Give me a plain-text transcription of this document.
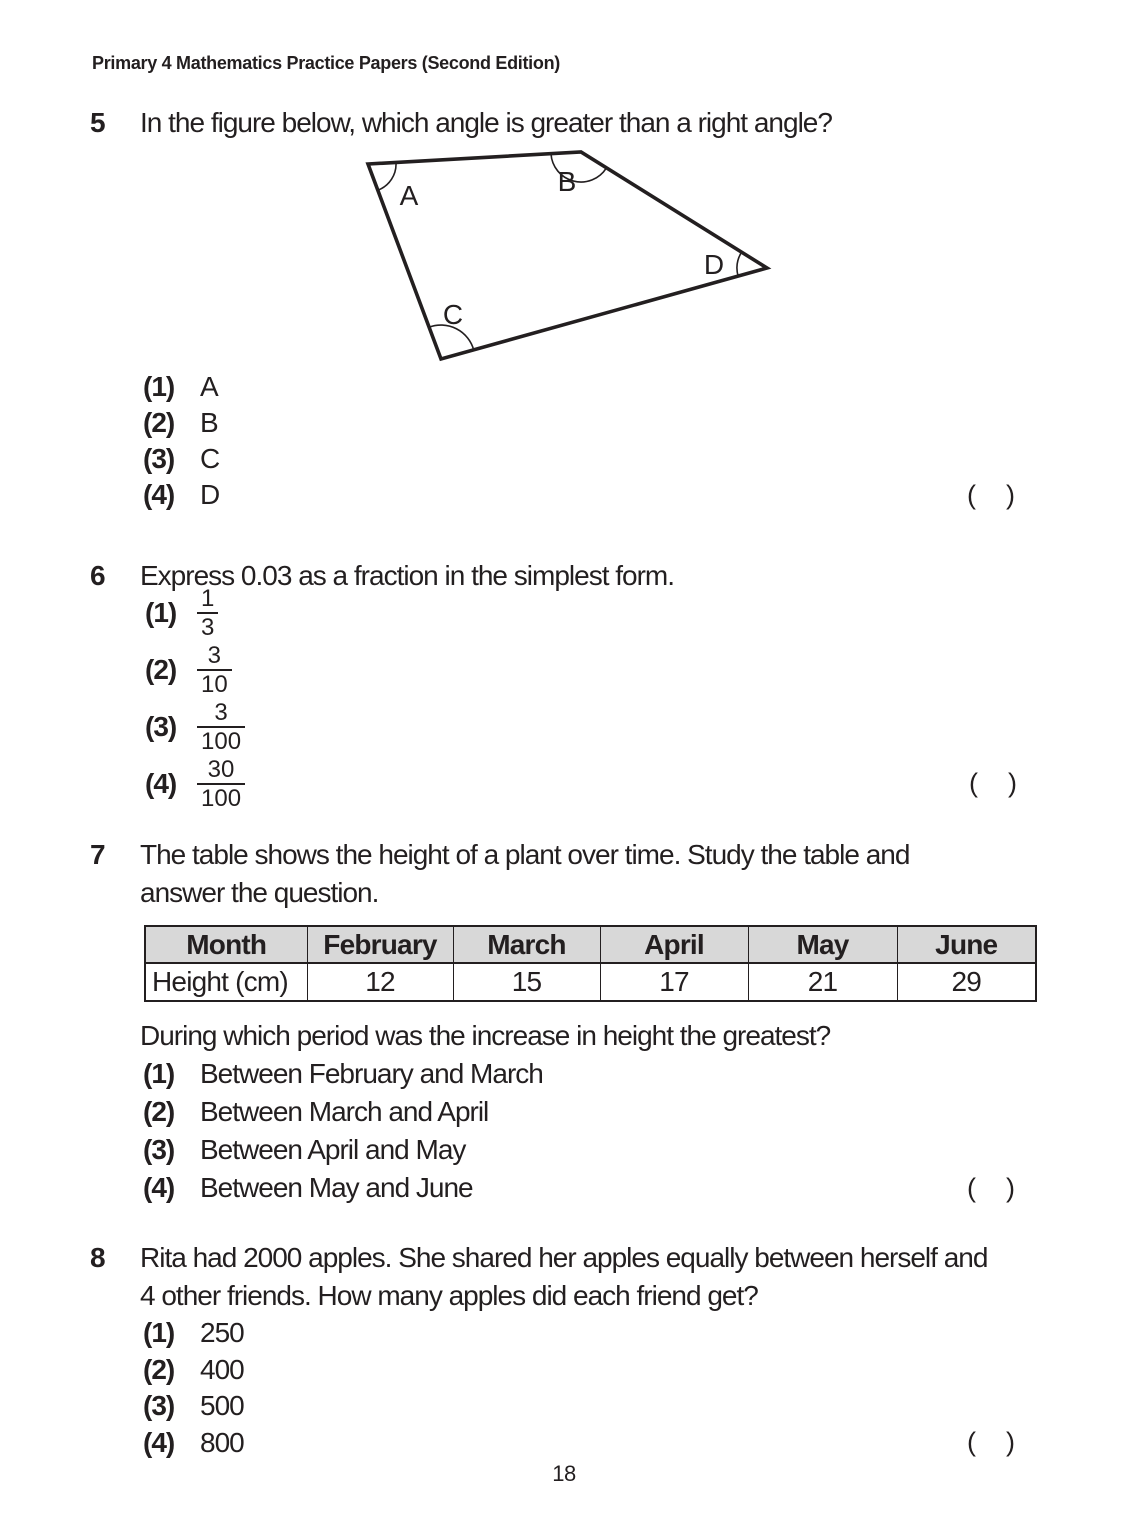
Primary 4 Mathematics Practice Papers (Second Edition)
5	In the figure below, which angle is greater than a right angle?
A	B
C
D
(1) A
(2) B
(3) C
(4) D	( )
6	Express 0.03 as a fraction in the simplest form.
$(1) \frac{1}{3}$
$(2) \frac{3}{10}$
$(3) \frac{3}{100}$
$(4) \frac{30}{100}$	( )
7	The table shows the height of a plant over time. Study the table and
answer the question.
Month	February	March	April	May	June
Height (cm)	12	15	17	21	29
During which period was the increase in height the greatest?
(1) Between February and March
(2) Between March and April
(3) Between April and May
(4) Between May and June	( )
8	Rita had 2000 apples. She shared her apples equally between herself and
4 other friends. How many apples did each friend get?
(1) 250
(2) 400
(3) 500
(4) 800	( )
18
